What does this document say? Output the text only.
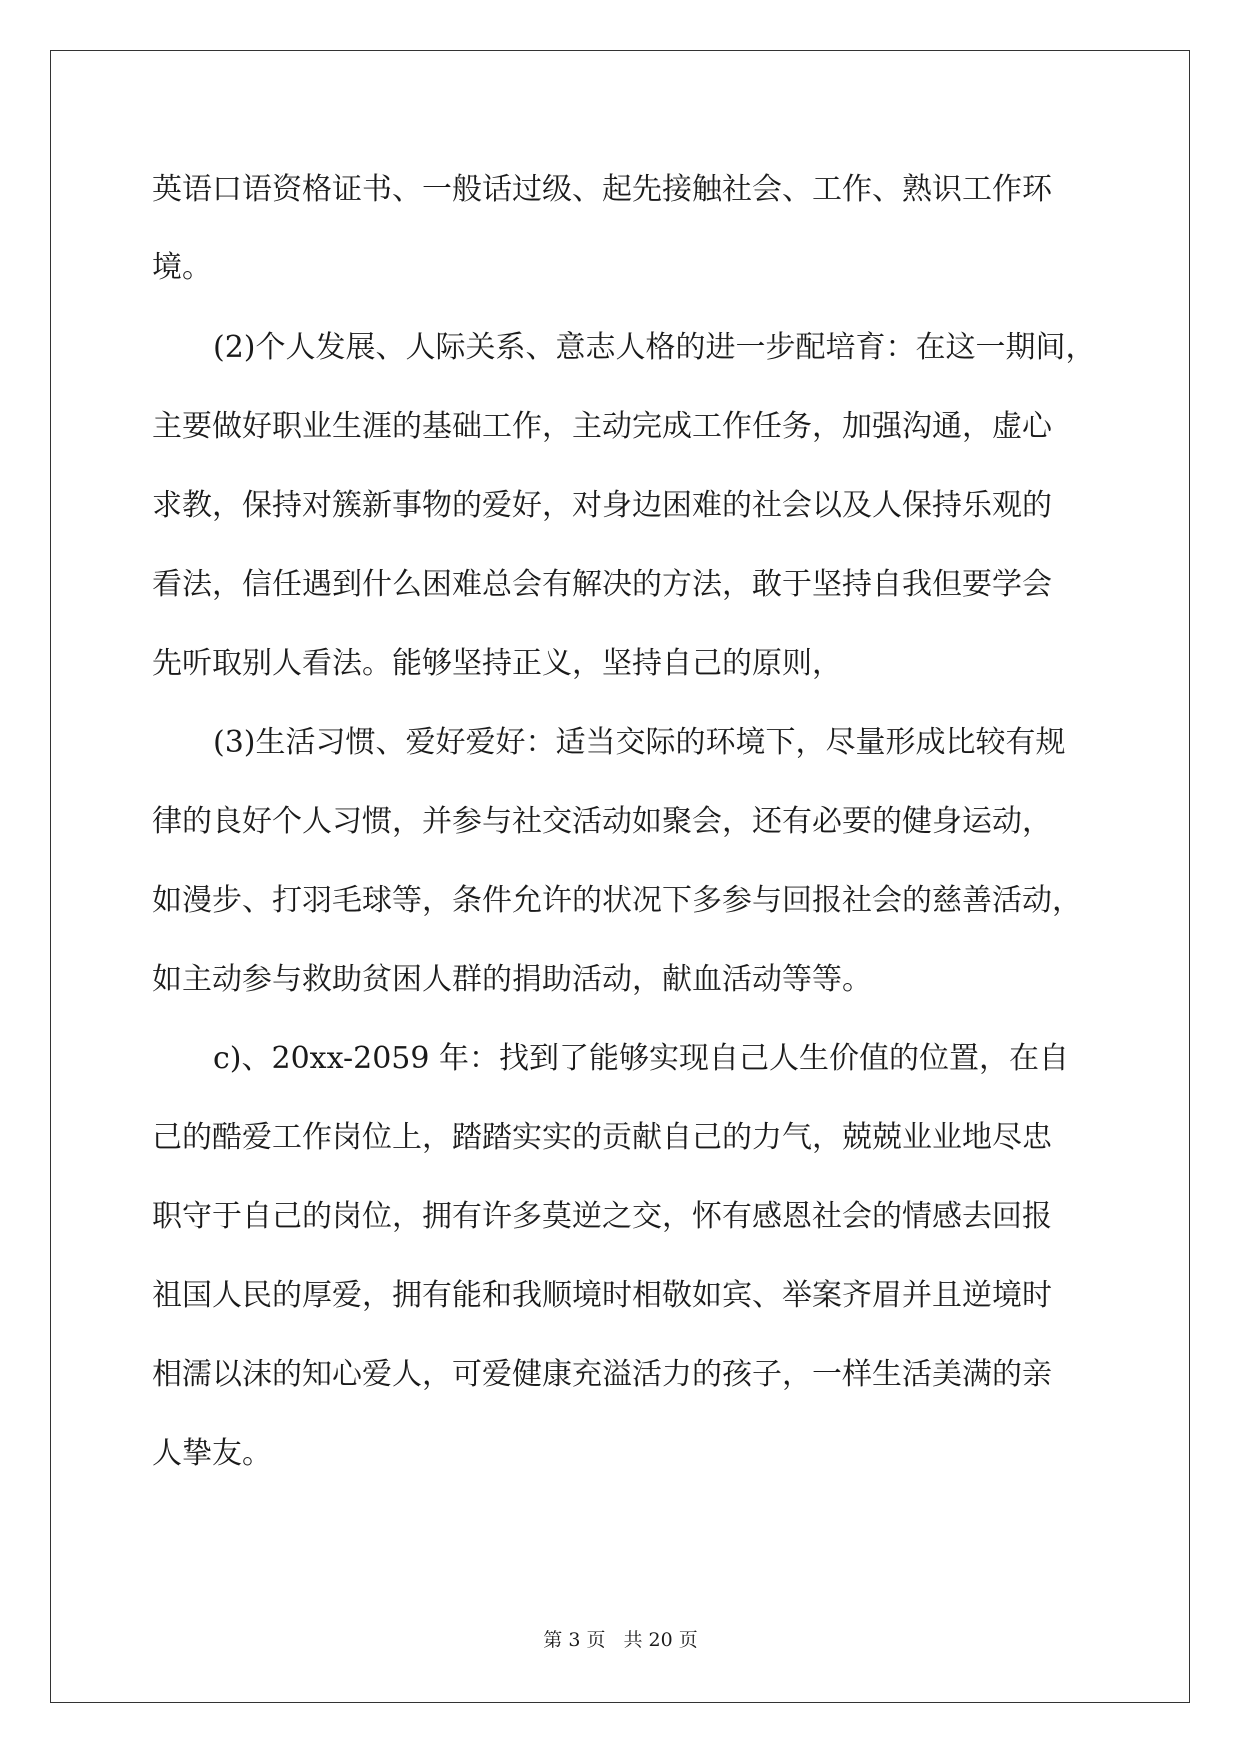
英语口语资格证书、一般话过级、起先接触社会、工作、熟识工作环
境。
(2)个人发展、人际关系、意志人格的进一步配培育：在这一期间，
主要做好职业生涯的基础工作，主动完成工作任务，加强沟通，虚心
求教，保持对簇新事物的爱好，对身边困难的社会以及人保持乐观的
看法，信任遇到什么困难总会有解决的方法，敢于坚持自我但要学会
先听取别人看法。能够坚持正义，坚持自己的原则，
(3)生活习惯、爱好爱好：适当交际的环境下，尽量形成比较有规
律的良好个人习惯，并参与社交活动如聚会，还有必要的健身运动，
如漫步、打羽毛球等，条件允许的状况下多参与回报社会的慈善活动，
如主动参与救助贫困人群的捐助活动，献血活动等等。
c)、20xx-2059 年：找到了能够实现自己人生价值的位置，在自
己的酷爱工作岗位上，踏踏实实的贡献自己的力气，兢兢业业地尽忠
职守于自己的岗位，拥有许多莫逆之交，怀有感恩社会的情感去回报
祖国人民的厚爱，拥有能和我顺境时相敬如宾、举案齐眉并且逆境时
相濡以沫的知心爱人，可爱健康充溢活力的孩子，一样生活美满的亲
人挚友。
第 3 页 共 20 页
